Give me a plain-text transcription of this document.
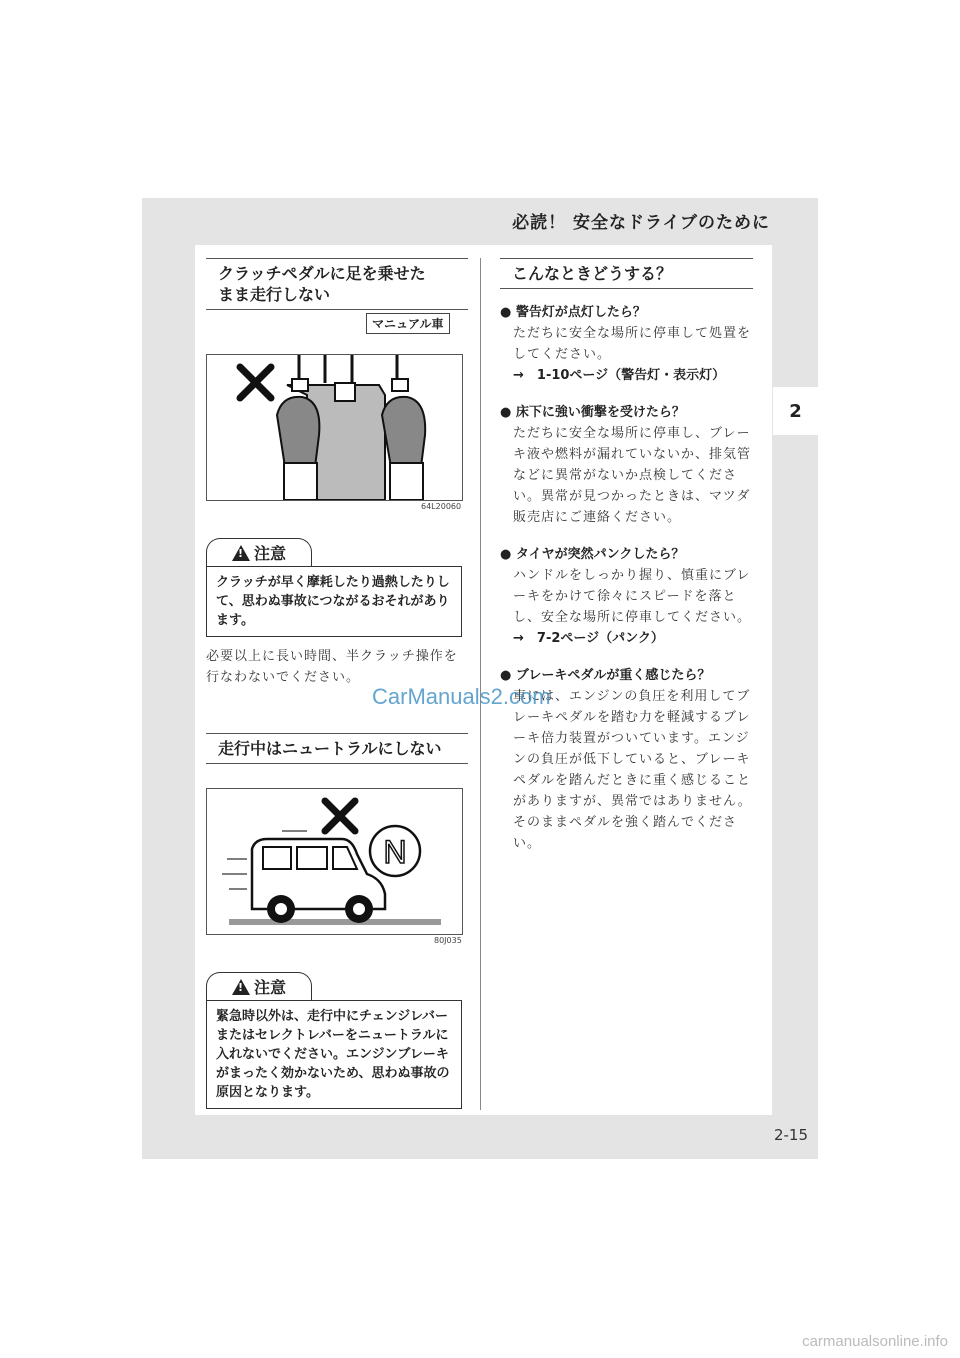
必読！ 安全なドライブのために
2
2-15
クラッチペダルに足を乗せた
まま走行しない
マニュアル車
64L20060
!
注意
クラッチが早く摩耗したり過熱したりして、思わぬ事故につながるおそれがあります。
必要以上に長い時間、半クラッチ操作を行なわないでください。
走行中はニュートラルにしない
N
80J035
!
注意
緊急時以外は、走行中にチェンジレバーまたはセレクトレバーをニュートラルに入れないでください。エンジンブレーキがまったく効かないため、思わぬ事故の原因となります。
こんなときどうする？
● 警告灯が点灯したら？
ただちに安全な場所に停車して処置をしてください。
→　1-10ページ（警告灯・表示灯）
● 床下に強い衝撃を受けたら？
ただちに安全な場所に停車し、ブレーキ液や燃料が漏れていないか、排気管などに異常がないか点検してください。異常が見つかったときは、マツダ販売店にご連絡ください。
● タイヤが突然パンクしたら？
ハンドルをしっかり握り、慎重にブレーキをかけて徐々にスピードを落とし、安全な場所に停車してください。
→　7-2ページ（パンク）
● ブレーキペダルが重く感じたら？
車には、エンジンの負圧を利用してブレーキペダルを踏む力を軽減するブレーキ倍力装置がついています。エンジンの負圧が低下していると、ブレーキペダルを踏んだときに重く感じることがありますが、異常ではありません。そのままペダルを強く踏んでください。
CarManuals2.com
carmanualsonline.info
